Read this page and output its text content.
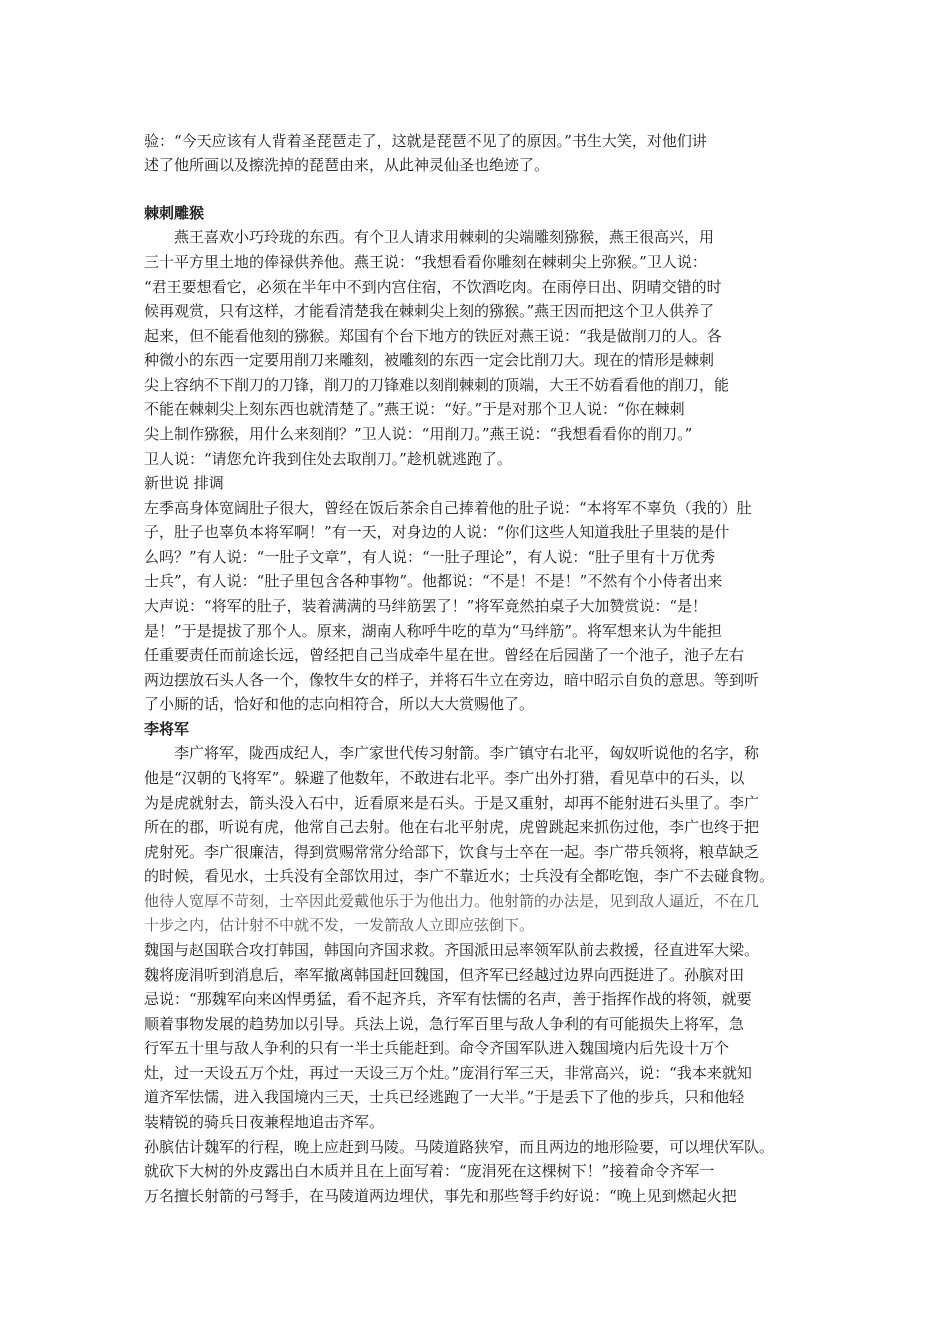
验：“今天应该有人背着圣琵琶走了，这就是琵琶不见了的原因。”书生大笑，对他们讲
述了他所画以及擦洗掉的琵琶由来，从此神灵仙圣也绝迹了。
棘刺雕猴
　　燕王喜欢小巧玲珑的东西。有个卫人请求用棘刺的尖端雕刻猕猴，燕王很高兴，用
三十平方里土地的俸禄供养他。燕王说：“我想看看你雕刻在棘刺尖上弥猴。”卫人说：
“君王要想看它，必须在半年中不到内宫住宿，不饮酒吃肉。在雨停日出、阴晴交错的时
候再观赏，只有这样，才能看清楚我在棘刺尖上刻的猕猴。”燕王因而把这个卫人供养了
起来，但不能看他刻的猕猴。郑国有个台下地方的铁匠对燕王说：“我是做削刀的人。各
种微小的东西一定要用削刀来雕刻，被雕刻的东西一定会比削刀大。现在的情形是棘刺
尖上容纳不下削刀的刀锋，削刀的刀锋难以刻削棘刺的顶端，大王不妨看看他的削刀，能
不能在棘刺尖上刻东西也就清楚了。”燕王说：“好。”于是对那个卫人说：“你在棘刺
尖上制作猕猴，用什么来刻削？”卫人说：“用削刀。”燕王说：“我想看看你的削刀。”
卫人说：“请您允许我到住处去取削刀。”趁机就逃跑了。
新世说 排调
左季高身体宽阔肚子很大，曾经在饭后茶余自己捧着他的肚子说：“本将军不辜负（我的）肚
子，肚子也辜负本将军啊！”有一天，对身边的人说：“你们这些人知道我肚子里装的是什
么吗？”有人说：“一肚子文章”，有人说：“一肚子理论”，有人说：“肚子里有十万优秀
士兵”，有人说：“肚子里包含各种事物”。他都说：“不是！不是！”不然有个小侍者出来
大声说：“将军的肚子，装着满满的马绊筋罢了！”将军竟然拍桌子大加赞赏说：“是！
是！”于是提拔了那个人。原来，湖南人称呼牛吃的草为“马绊筋”。将军想来认为牛能担
任重要责任而前途长远，曾经把自己当成牵牛星在世。曾经在后园凿了一个池子，池子左右
两边摆放石头人各一个，像牧牛女的样子，并将石牛立在旁边，暗中昭示自负的意思。等到听
了小厮的话，恰好和他的志向相符合，所以大大赏赐他了。
李将军
　　李广将军，陇西成纪人，李广家世代传习射箭。李广镇守右北平，匈奴听说他的名字，称
他是“汉朝的飞将军”。躲避了他数年，不敢进右北平。李广出外打猎，看见草中的石头，以
为是虎就射去，箭头没入石中，近看原来是石头。于是又重射，却再不能射进石头里了。李广
所在的郡，听说有虎，他常自己去射。他在右北平射虎，虎曾跳起来抓伤过他，李广也终于把
虎射死。李广很廉洁，得到赏赐常常分给部下，饮食与士卒在一起。李广带兵领将，粮草缺乏
的时候，看见水，士兵没有全部饮用过，李广不靠近水；士兵没有全都吃饱，李广不去碰食物。
他待人宽厚不苛刻，士卒因此爱戴他乐于为他出力。他射箭的办法是，见到敌人逼近，不在几
十步之内，估计射不中就不发，一发箭敌人立即应弦倒下。
魏国与赵国联合攻打韩国，韩国向齐国求救。齐国派田忌率领军队前去救援，径直进军大梁。
魏将庞涓听到消息后，率军撤离韩国赶回魏国，但齐军已经越过边界向西挺进了。孙膑对田
忌说：“那魏军向来凶悍勇猛，看不起齐兵，齐军有怯懦的名声，善于指挥作战的将领，就要
顺着事物发展的趋势加以引导。兵法上说，急行军百里与敌人争利的有可能损失上将军，急
行军五十里与敌人争利的只有一半士兵能赶到。命令齐国军队进入魏国境内后先设十万个
灶，过一天设五万个灶，再过一天设三万个灶。”庞涓行军三天，非常高兴，说：“我本来就知
道齐军怯懦，进入我国境内三天，士兵已经逃跑了一大半。”于是丢下了他的步兵，只和他轻
装精锐的骑兵日夜兼程地追击齐军。
孙膑估计魏军的行程，晚上应赶到马陵。马陵道路狭窄，而且两边的地形险要，可以埋伏军队。
就砍下大树的外皮露出白木质并且在上面写着：“庞涓死在这棵树下！”接着命令齐军一
万名擅长射箭的弓弩手，在马陵道两边埋伏，事先和那些弩手约好说：“晚上见到燃起火把
